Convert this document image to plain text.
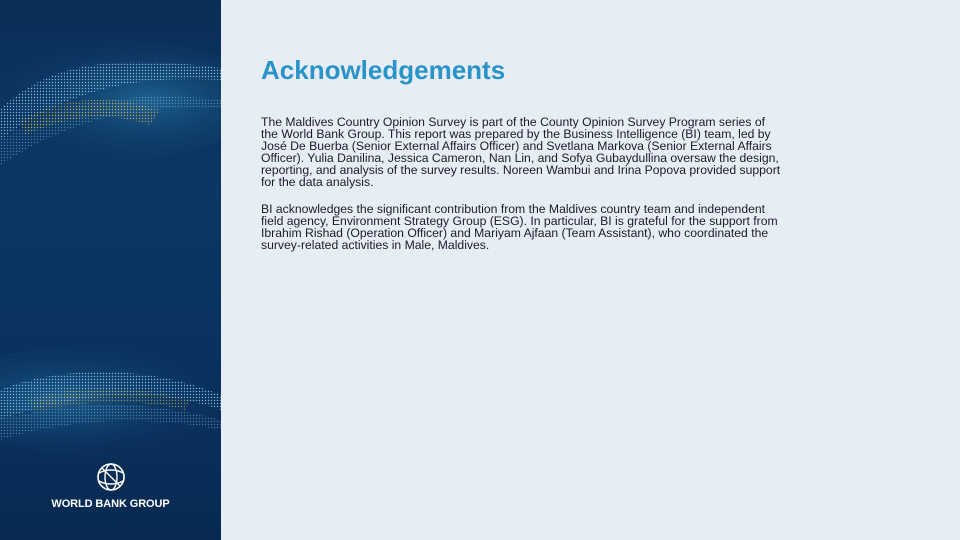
WORLD BANK GROUP
Acknowledgements

The Maldives Country Opinion Survey is part of the County Opinion Survey Program series of the World Bank Group. This report was prepared by the Business Intelligence (BI) team, led by José De Buerba (Senior External Affairs Officer) and Svetlana Markova (Senior External Affairs Officer). Yulia Danilina, Jessica Cameron, Nan Lin, and Sofya Gubaydullina oversaw the design, reporting, and analysis of the survey results. Noreen Wambui and Irina Popova provided support for the data analysis.

BI acknowledges the significant contribution from the Maldives country team and independent field agency, Environment Strategy Group (ESG). In particular, BI is grateful for the support from Ibrahim Rishad (Operation Officer) and Mariyam Ajfaan (Team Assistant), who coordinated the survey-related activities in Male, Maldives.
